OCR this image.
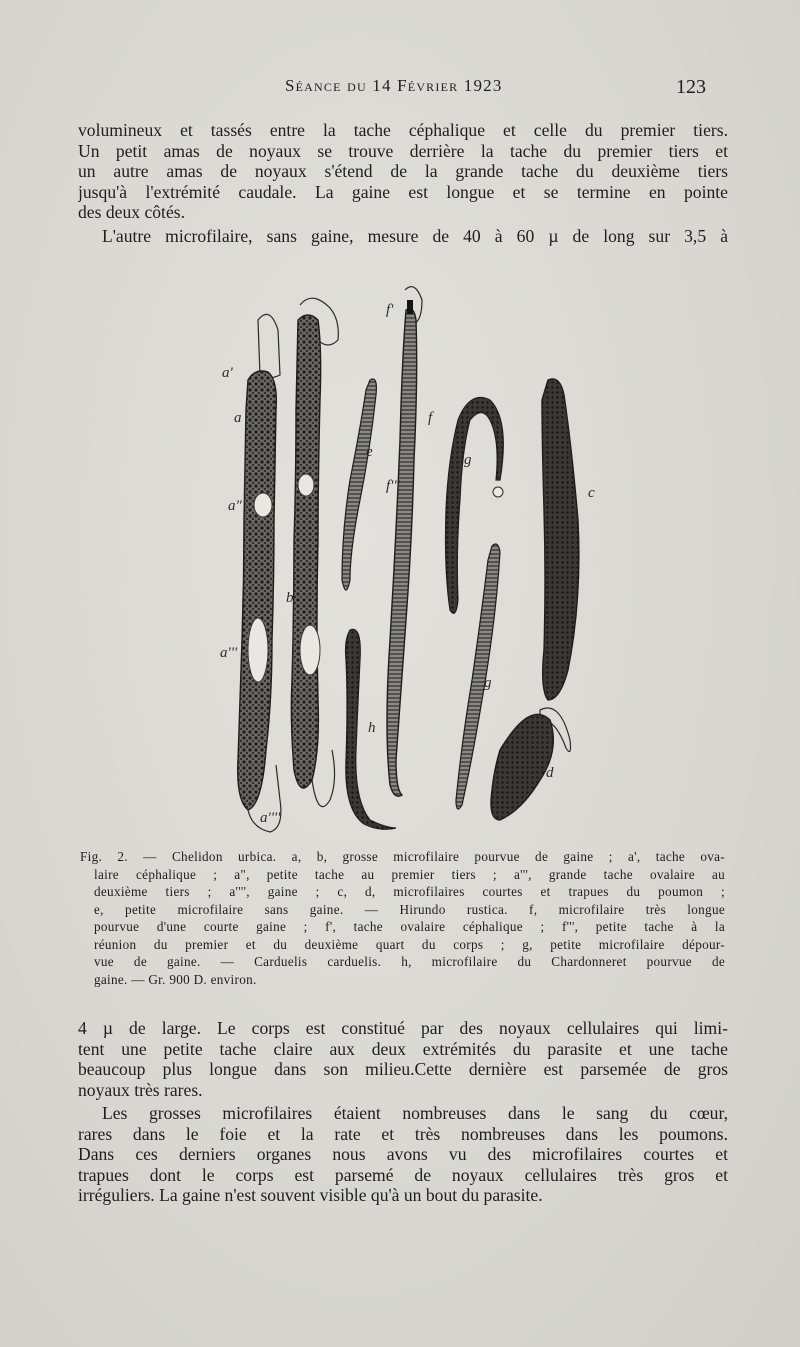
Séance du 14 Février 1923	123
volumineux et tassés entre la tache céphalique et celle du premier tiers.
Un petit amas de noyaux se trouve derrière la tache du premier tiers et
un autre amas de noyaux s'étend de la grande tache du deuxième tiers
jusqu'à l'extrémité caudale. La gaine est longue et se termine en pointe
des deux côtés.
L'autre microfilaire, sans gaine, mesure de 40 à 60 µ de long sur 3,5 à
a'
a
a"
a'''
a''''
b
e
f'
f
f'''
g
g
c
d
h
Fig. 2. — Chelidon urbica. a, b, grosse microfilaire pourvue de gaine ; a', tache ova-
laire céphalique ; a", petite tache au premier tiers ; a''', grande tache ovalaire au
deuxième tiers ; a'''', gaine ; c, d, microfilaires courtes et trapues du poumon ;
e, petite microfilaire sans gaine. — Hirundo rustica. f, microfilaire très longue
pourvue d'une courte gaine ; f', tache ovalaire céphalique ; f''', petite tache à la
réunion du premier et du deuxième quart du corps ; g, petite microfilaire dépour-
vue de gaine. — Carduelis carduelis. h, microfilaire du Chardonneret pourvue de
gaine. — Gr. 900 D. environ.
4 µ de large. Le corps est constitué par des noyaux cellulaires qui limi-
tent une petite tache claire aux deux extrémités du parasite et une tache
beaucoup plus longue dans son milieu.Cette dernière est parsemée de gros
noyaux très rares.
Les grosses microfilaires étaient nombreuses dans le sang du cœur,
rares dans le foie et la rate et très nombreuses dans les poumons.
Dans ces derniers organes nous avons vu des microfilaires courtes et
trapues dont le corps est parsemé de noyaux cellulaires très gros et
irréguliers. La gaine n'est souvent visible qu'à un bout du parasite.
